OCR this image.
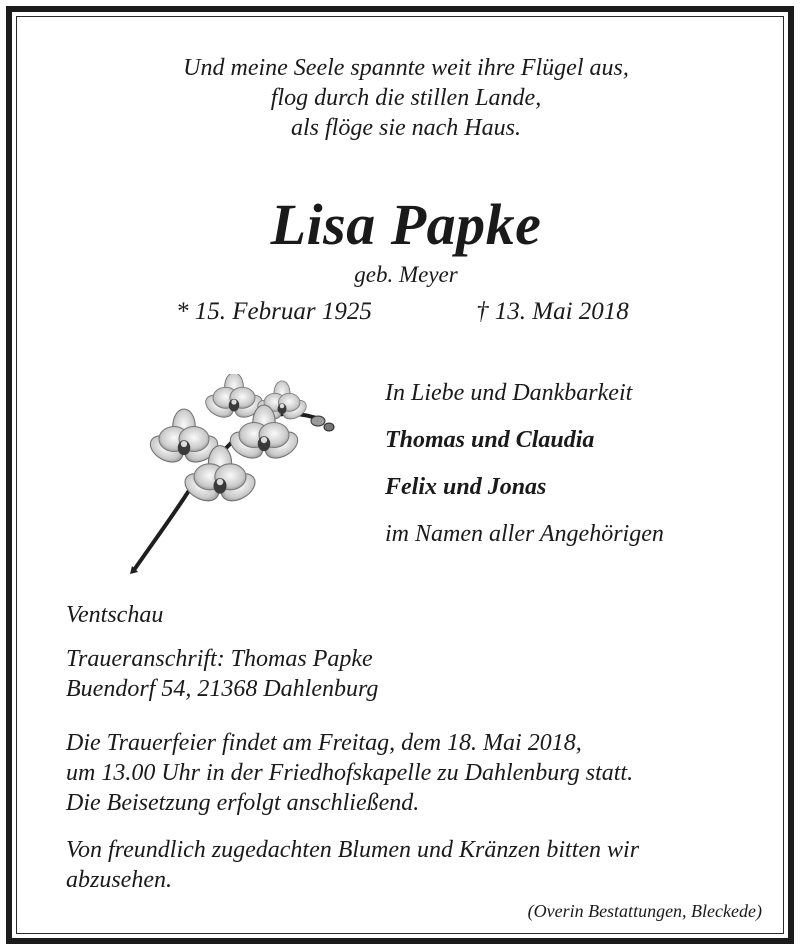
Und meine Seele spannte weit ihre Flügel aus,
flog durch die stillen Lande,
als flöge sie nach Haus.
Lisa Papke
geb. Meyer
* 15. Februar 1925	† 13. Mai 2018
In Liebe und Dankbarkeit
Thomas und Claudia
Felix und Jonas
im Namen aller Angehörigen
Ventschau
Traueranschrift: Thomas Papke
Buendorf 54, 21368 Dahlenburg
Die Trauerfeier findet am Freitag, dem 18. Mai 2018,
um 13.00 Uhr in der Friedhofskapelle zu Dahlenburg statt.
Die Beisetzung erfolgt anschließend.
Von freundlich zugedachten Blumen und Kränzen bitten wir
abzusehen.
(Overin Bestattungen, Bleckede)
